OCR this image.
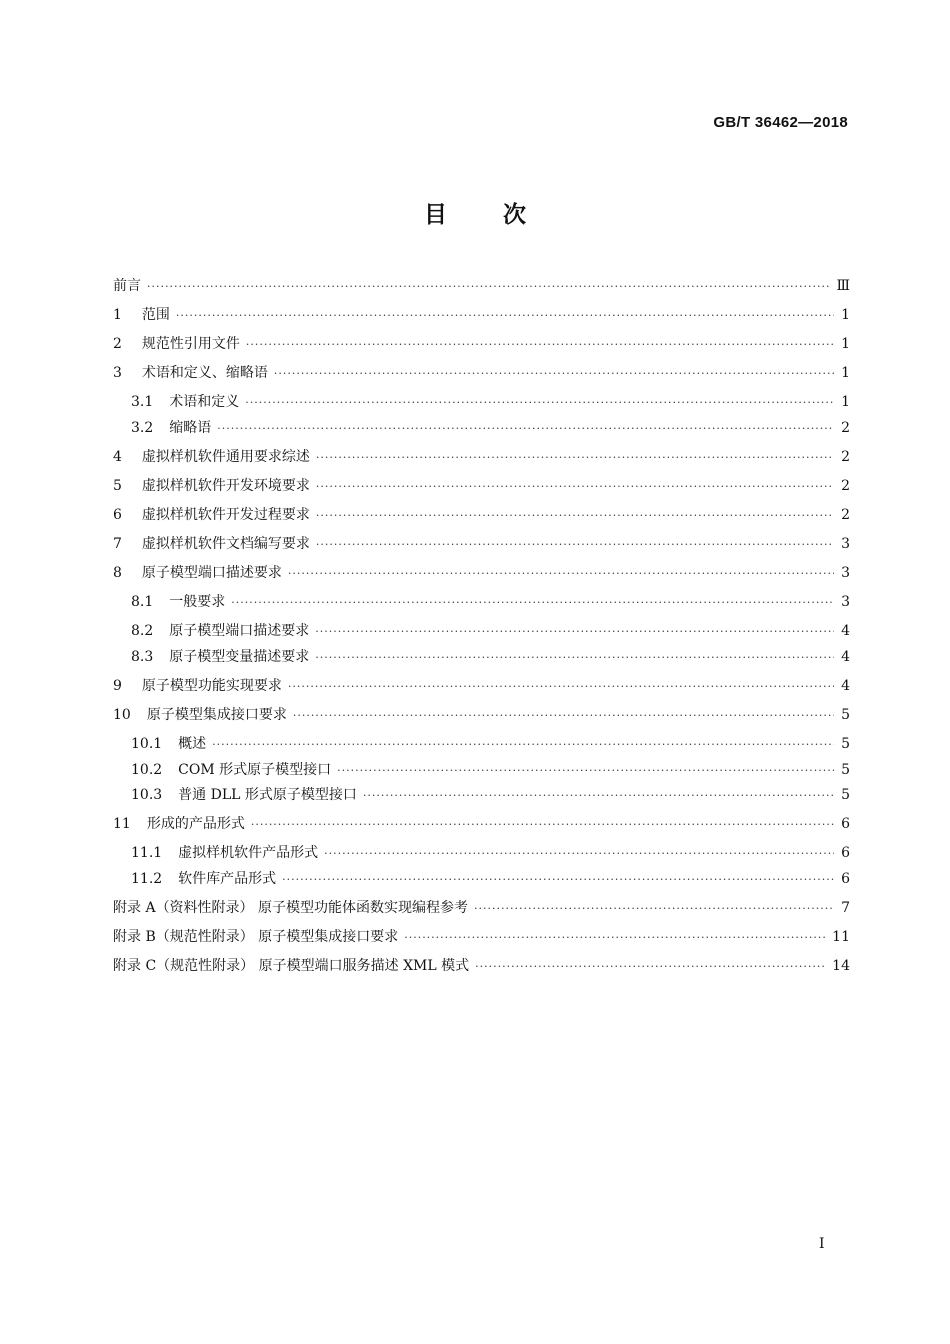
GB/T 36462—2018
目 次
前言 ·····	Ⅲ
1 范围 ·····	1
2 规范性引用文件 ·····	1
3 术语和定义、缩略语 ·····	1
3.1 术语和定义 ·····	1
3.2 缩略语 ·····	2
4 虚拟样机软件通用要求综述 ·····	2
5 虚拟样机软件开发环境要求 ·····	2
6 虚拟样机软件开发过程要求 ·····	2
7 虚拟样机软件文档编写要求 ·····	3
8 原子模型端口描述要求 ·····	3
8.1 一般要求 ·····	3
8.2 原子模型端口描述要求 ·····	4
8.3 原子模型变量描述要求 ·····	4
9 原子模型功能实现要求 ·····	4
10 原子模型集成接口要求 ·····	5
10.1 概述 ·····	5
10.2 COM 形式原子模型接口 ·····	5
10.3 普通 DLL 形式原子模型接口 ·····	5
11 形成的产品形式 ·····	6
11.1 虚拟样机软件产品形式 ·····	6
11.2 软件库产品形式 ·····	6
附录 A （资料性附录） 原子模型功能体函数实现编程参考 ·····	7
附录 B （规范性附录） 原子模型集成接口要求 ·····	11
附录 C （规范性附录） 原子模型端口服务描述 XML 模式 ·····	14
Ⅰ
